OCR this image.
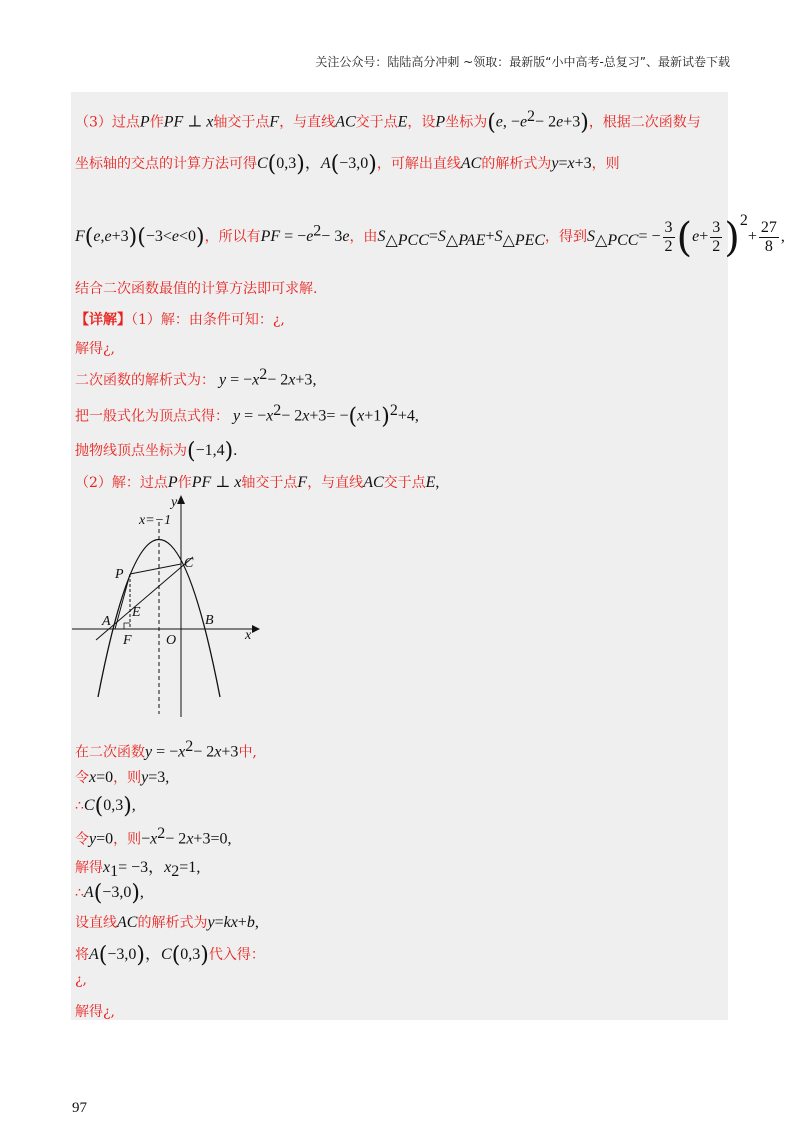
关注公众号：陆陆高分冲刺 ~领取：最新版“小中高考-总复习”、最新试卷下载
（3）过点P作PF ⊥ x轴交于点F，与直线AC交于点E，设P坐标为(e, $-e^2- 2e+3$)，根据二次函数与
坐标轴的交点的计算方法可得C(0,3)，A(−3,0)，可解出直线AC的解析式为y=x+3，则
F(e,e+3)(−3<e<0)，所以有PF = $-e^2- 3e$，由$S_{\triangle PCC}=S_{\triangle PAE}+S_{\triangle PEC}$，得到$S_{\triangle PCC}= - \frac{3}{2} (e+ \frac{3}{2} )^2+ \frac{27}{8}$ ,
结合二次函数最值的计算方法即可求解.
【详解】（1）解：由条件可知：¿,
解得¿,
二次函数的解析式为： $y = -x^2- 2x+3$,
把一般式化为顶点式得： $y = -x^2- 2x+3= -(x+1)^2+4$,
抛物线顶点坐标为(−1,4).
（2）解：过点P作PF ⊥ x轴交于点F，与直线AC交于点E,
x=−1
y
x
P
C
A
E
F O
B
在二次函数$y = -x^2- 2x+3$中,
令x=0，则y=3,
∴C(0,3),
令y=0，则$-x^2- 2x+3=0$,
解得$x_1= -3$，$x_2=1$,
∴A(−3,0),
设直线AC的解析式为y=kx+b,
将A(−3,0)，C(0,3)代入得：
¿,
解得¿,
97
